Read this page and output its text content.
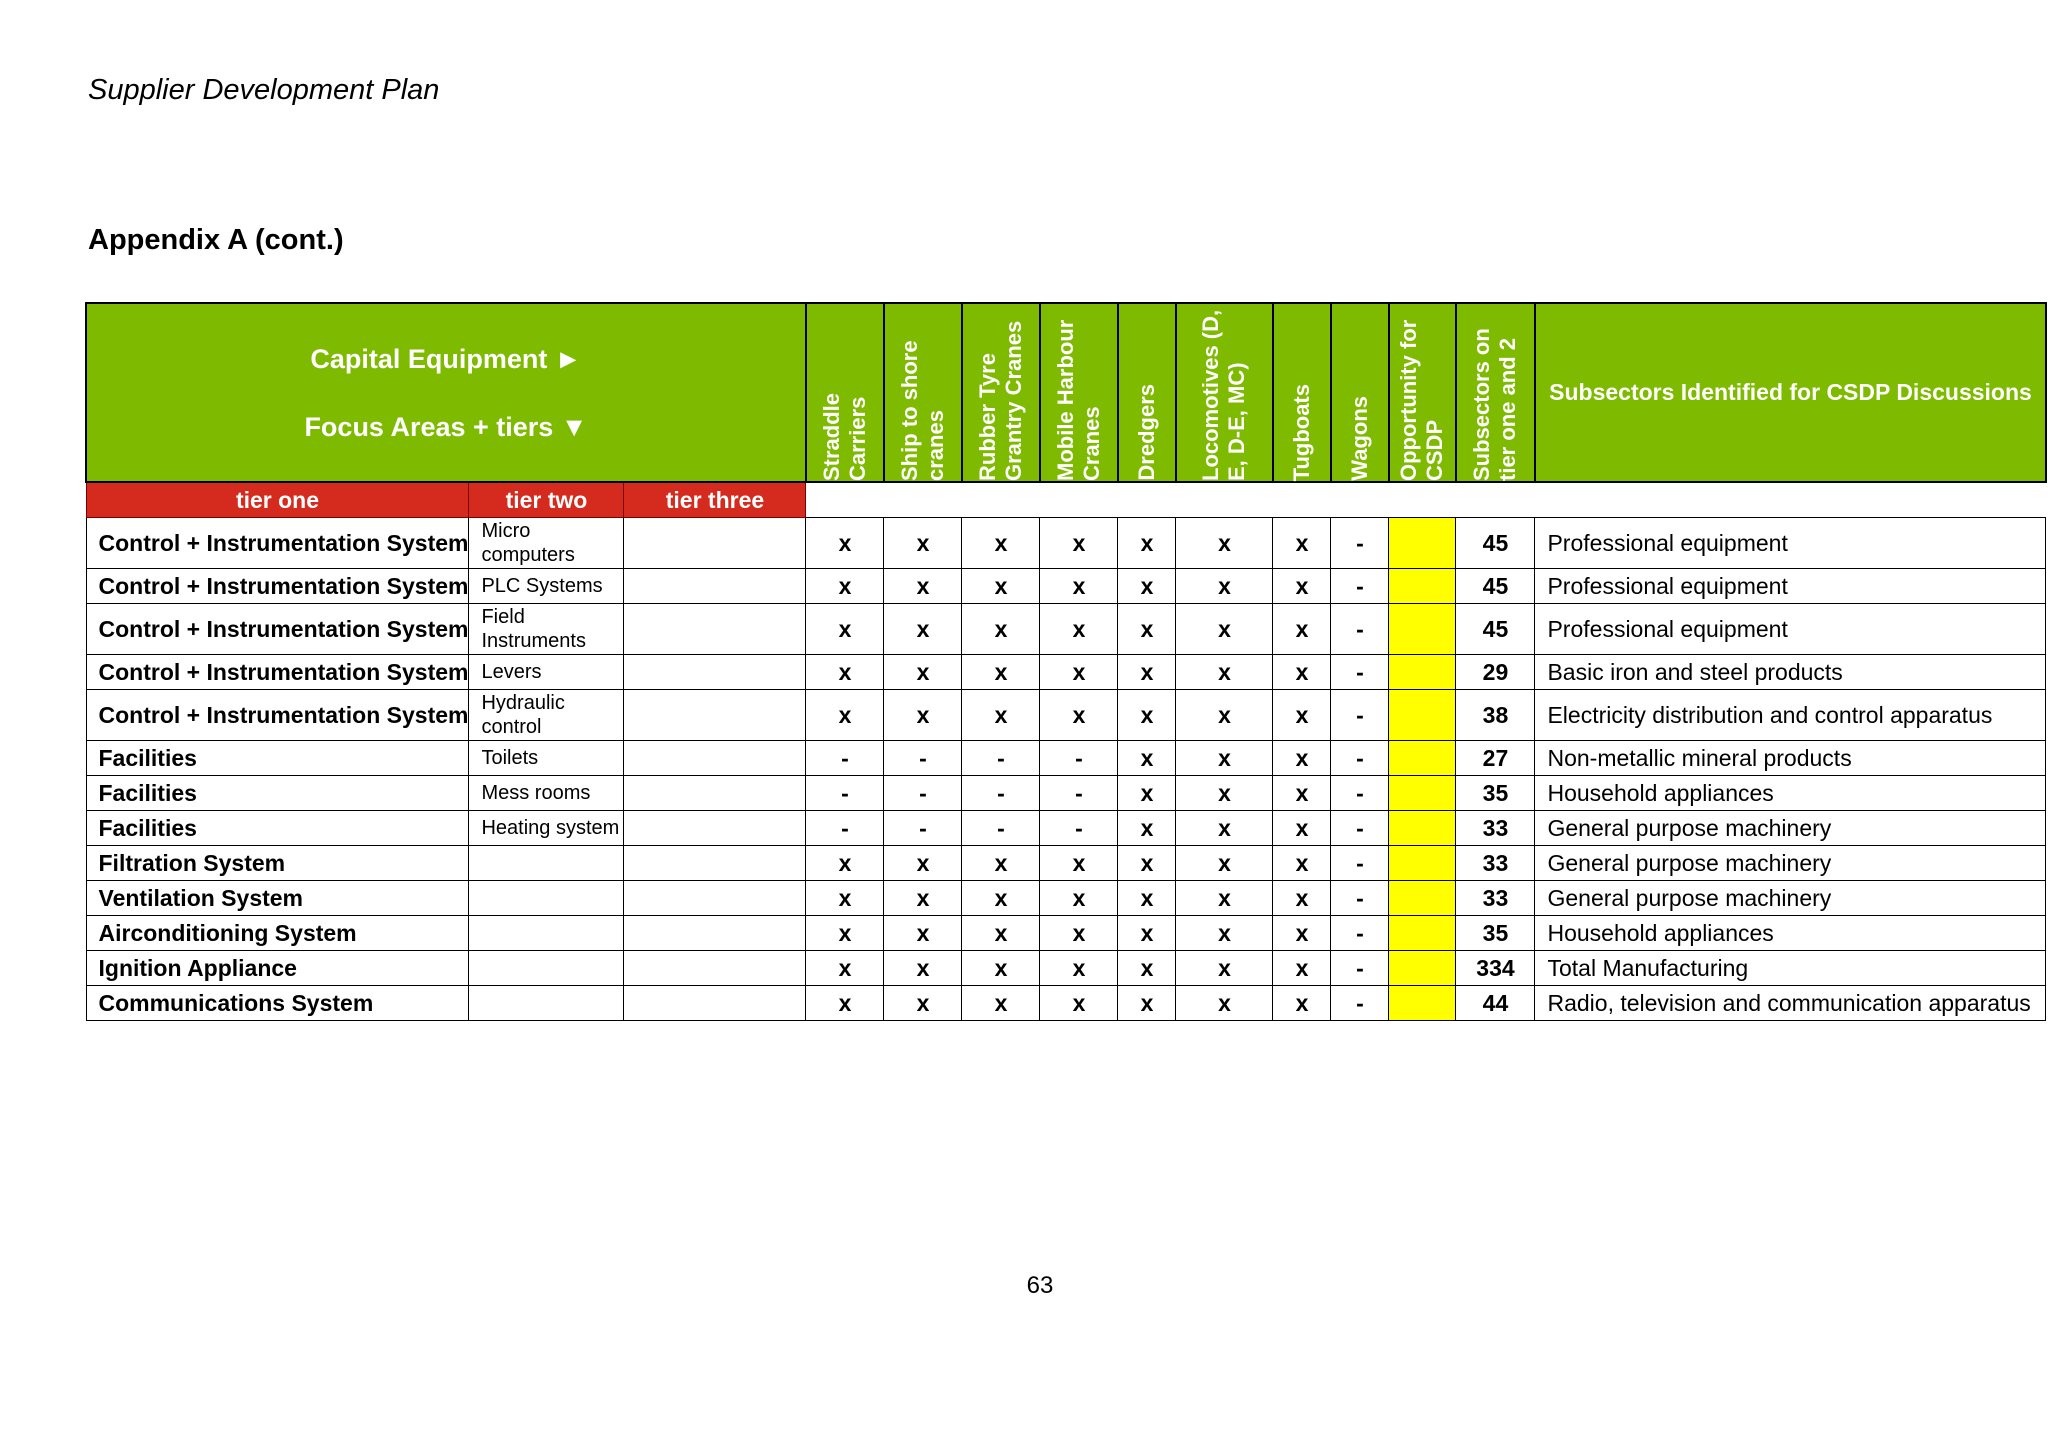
Supplier Development Plan
Appendix A (cont.)
Capital Equipment ►
Focus Areas + tiers ▼			Straddle Carriers	Ship to shore cranes	Rubber Tyre Grantry Cranes	Mobile Harbour Cranes	Dredgers	Locomotives (D, E, D-E, MC)	Tugboats	Wagons	Opportunity for CSDP	Subsectors on tier one and 2	Subsectors Identified for CSDP Discussions
tier one	tier two	tier three											
Control + Instrumentation System	Micro computers		x	x	x	x	x	x	x	-		45	Professional equipment
Control + Instrumentation System	PLC Systems		x	x	x	x	x	x	x	-		45	Professional equipment
Control + Instrumentation System	Field Instruments		x	x	x	x	x	x	x	-		45	Professional equipment
Control + Instrumentation System	Levers		x	x	x	x	x	x	x	-		29	Basic iron and steel products
Control + Instrumentation System	Hydraulic control		x	x	x	x	x	x	x	-		38	Electricity distribution and control apparatus
Facilities	Toilets		-	-	-	-	x	x	x	-		27	Non-metallic mineral products
Facilities	Mess rooms		-	-	-	-	x	x	x	-		35	Household appliances
Facilities	Heating system		-	-	-	-	x	x	x	-		33	General purpose machinery
Filtration System			x	x	x	x	x	x	x	-		33	General purpose machinery
Ventilation System			x	x	x	x	x	x	x	-		33	General purpose machinery
Airconditioning System			x	x	x	x	x	x	x	-		35	Household appliances
Ignition Appliance			x	x	x	x	x	x	x	-		334	Total Manufacturing
Communications System			x	x	x	x	x	x	x	-		44	Radio, television and communication apparatus
63
